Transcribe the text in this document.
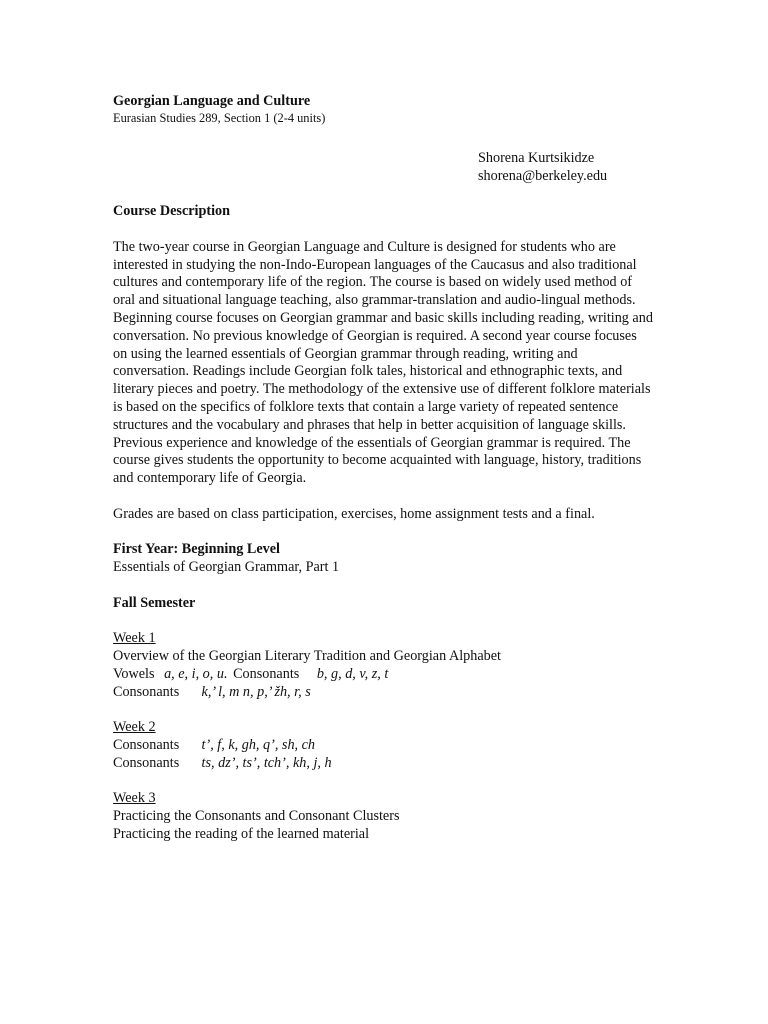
Georgian Language and Culture

Eurasian Studies 289, Section 1 (2-4 units)

Shorena Kurtsikidze
shorena@berkeley.edu

Course Description

The two-year course in Georgian Language and Culture is designed for students who are interested in studying the non-Indo-European languages of the Caucasus and also traditional cultures and contemporary life of the region. The course is based on widely used method of oral and situational language teaching, also grammar-translation and audio-lingual methods. Beginning course focuses on Georgian grammar and basic skills including reading, writing and conversation. No previous knowledge of Georgian is required. A second year course focuses on using the learned essentials of Georgian grammar through reading, writing and conversation. Readings include Georgian folk tales, historical and ethnographic texts, and literary pieces and poetry. The methodology of the extensive use of different folklore materials is based on the specifics of folklore texts that contain a large variety of repeated sentence structures and the vocabulary and phrases that help in better acquisition of language skills. Previous experience and knowledge of the essentials of Georgian grammar is required. The course gives students the opportunity to become acquainted with language, history, traditions and contemporary life of Georgia.

Grades are based on class participation, exercises, home assignment tests and a final.

First Year: Beginning Level

Essentials of Georgian Grammar, Part 1

Fall Semester

Week 1
Overview of the Georgian Literary Tradition and Georgian Alphabet
Vowels a, e, i, o, u. Consonants b, g, d, v, z, t
Consonants k,’ l, m n, p,’ žh, r, s
Week 2
Consonants t’, f, k, gh, q’, sh, ch
Consonants ts, dz’, ts’, tch’, kh, j, h
Week 3
Practicing the Consonants and Consonant Clusters
Practicing the reading of the learned material
